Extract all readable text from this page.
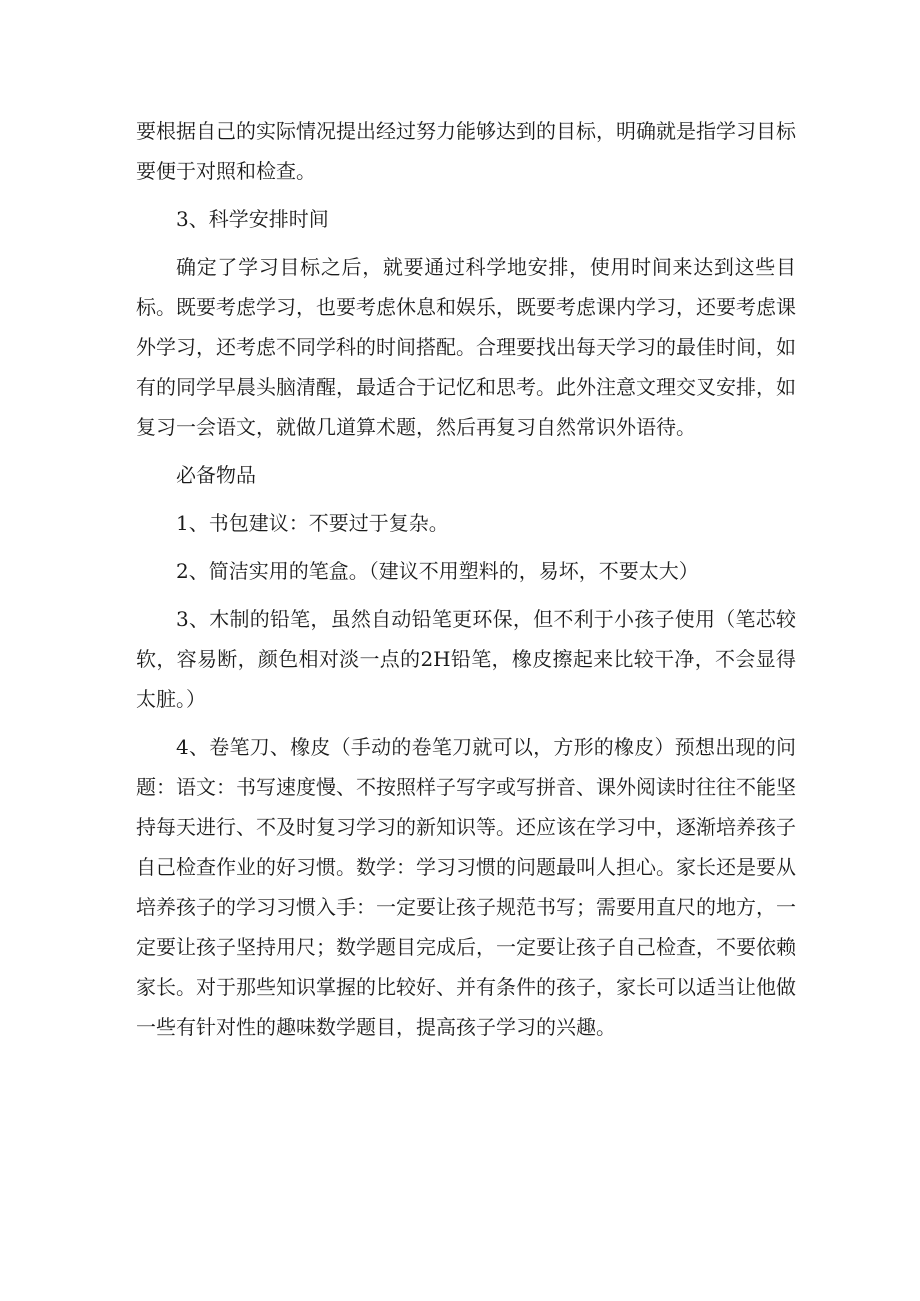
要根据自己的实际情况提出经过努力能够达到的目标，明确就是指学习目标要便于对照和检查。

3、科学安排时间

确定了学习目标之后，就要通过科学地安排，使用时间来达到这些目标。既要考虑学习，也要考虑休息和娱乐，既要考虑课内学习，还要考虑课外学习，还考虑不同学科的时间搭配。合理要找出每天学习的最佳时间，如有的同学早晨头脑清醒，最适合于记忆和思考。此外注意文理交叉安排，如复习一会语文，就做几道算术题，然后再复习自然常识外语待。

必备物品

1、书包建议：不要过于复杂。

2、简洁实用的笔盒。（建议不用塑料的，易坏，不要太大）

3、木制的铅笔，虽然自动铅笔更环保，但不利于小孩子使用（笔芯较软，容易断，颜色相对淡一点的2H铅笔，橡皮擦起来比较干净，不会显得太脏。）

4、卷笔刀、橡皮（手动的卷笔刀就可以，方形的橡皮）预想出现的问题：语文：书写速度慢、不按照样子写字或写拼音、课外阅读时往往不能坚持每天进行、不及时复习学习的新知识等。还应该在学习中，逐渐培养孩子自己检查作业的好习惯。数学：学习习惯的问题最叫人担心。家长还是要从培养孩子的学习习惯入手：一定要让孩子规范书写；需要用直尺的地方，一定要让孩子坚持用尺；数学题目完成后，一定要让孩子自己检查，不要依赖家长。对于那些知识掌握的比较好、并有条件的孩子，家长可以适当让他做一些有针对性的趣味数学题目，提高孩子学习的兴趣。
